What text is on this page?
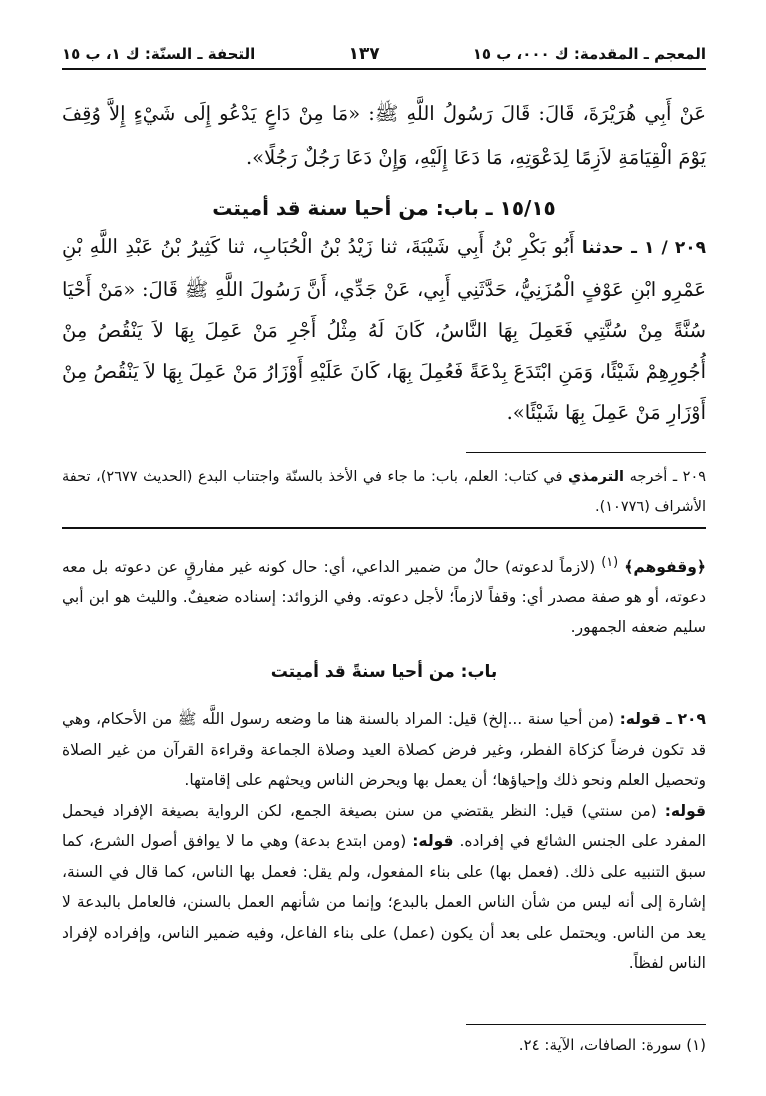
المعجم ـ المقدمة: ك ٠٠٠، ب ١٥
١٣٧
التحفة ـ السنّة: ك ١، ب ١٥

عَنْ أَبِي هُرَيْرَةَ، قَالَ: قَالَ رَسُولُ اللَّهِ ﷺ: «مَا مِنْ دَاعٍ يَدْعُو إِلَى شَيْءٍ إِلاَّ وُقِفَ يَوْمَ الْقِيَامَةِ لاَزِمًا لِدَعْوَتِهِ، مَا دَعَا إِلَيْهِ، وَإِنْ دَعَا رَجُلٌ رَجُلًا».

١٥/١٥ ـ باب: من أحيا سنة قد أميتت

٢٠٩ / ١ ـ حدثنا أَبُو بَكْرِ بْنُ أَبِي شَيْبَةَ، ثنا زَيْدُ بْنُ الْحُبَابِ، ثنا كَثِيرُ بْنُ عَبْدِ اللَّهِ بْنِ عَمْرِو ابْنِ عَوْفٍ الْمُزَنِيُّ، حَدَّثَنِي أَبِي، عَنْ جَدِّي، أَنَّ رَسُولَ اللَّهِ ﷺ قَالَ: «مَنْ أَحْيَا سُنَّةً مِنْ سُنَّتِي فَعَمِلَ بِهَا النَّاسُ، كَانَ لَهُ مِثْلُ أَجْرِ مَنْ عَمِلَ بِهَا لاَ يَنْقُصُ مِنْ أُجُورِهِمْ شَيْئًا، وَمَنِ ابْتَدَعَ بِدْعَةً فَعُمِلَ بِهَا، كَانَ عَلَيْهِ أَوْزَارُ مَنْ عَمِلَ بِهَا لاَ يَنْقُصُ مِنْ أَوْزَارِ مَنْ عَمِلَ بِهَا شَيْئًا».

٢٠٩ ـ أخرجه الترمذي في كتاب: العلم، باب: ما جاء في الأخذ بالسنّة واجتناب البدع (الحديث ٢٦٧٧)، تحفة الأشراف (١٠٧٧٦).

﴿وقفوهم﴾ $^{(١)}$ (لازماً لدعوته) حالٌ من ضمير الداعي، أي: حال كونه غير مفارقٍ عن دعوته بل معه دعوته، أو هو صفة مصدر أي: وقفاً لازماً؛ لأجل دعوته. وفي الزوائد: إسناده ضعيفٌ. والليث هو ابن أبي سليم ضعفه الجمهور.

باب: من أحيا سنةً قد أميتت

٢٠٩ ـ قوله: (من أحيا سنة ...إلخ) قيل: المراد بالسنة هنا ما وضعه رسول اللَّه ﷺ من الأحكام، وهي قد تكون فرضاً كزكاة الفطر، وغير فرض كصلاة العيد وصلاة الجماعة وقراءة القرآن من غير الصلاة وتحصيل العلم ونحو ذلك وإحياؤها؛ أن يعمل بها ويحرض الناس ويحثهم على إقامتها.

قوله: (من سنتي) قيل: النظر يقتضي من سنن بصيغة الجمع، لكن الرواية بصيغة الإفراد فيحمل المفرد على الجنس الشائع في إفراده. قوله: (ومن ابتدع بدعة) وهي ما لا يوافق أصول الشرع، كما سبق التنبيه على ذلك. (فعمل بها) على بناء المفعول، ولم يقل: فعمل بها الناس، كما قال في السنة، إشارة إلى أنه ليس من شأن الناس العمل بالبدع؛ وإنما من شأنهم العمل بالسنن، فالعامل بالبدعة لا يعد من الناس. ويحتمل على بعد أن يكون (عمل) على بناء الفاعل، وفيه ضمير الناس، وإفراده لإفراد الناس لفظاً.

(١) سورة: الصافات، الآية: ٢٤.
